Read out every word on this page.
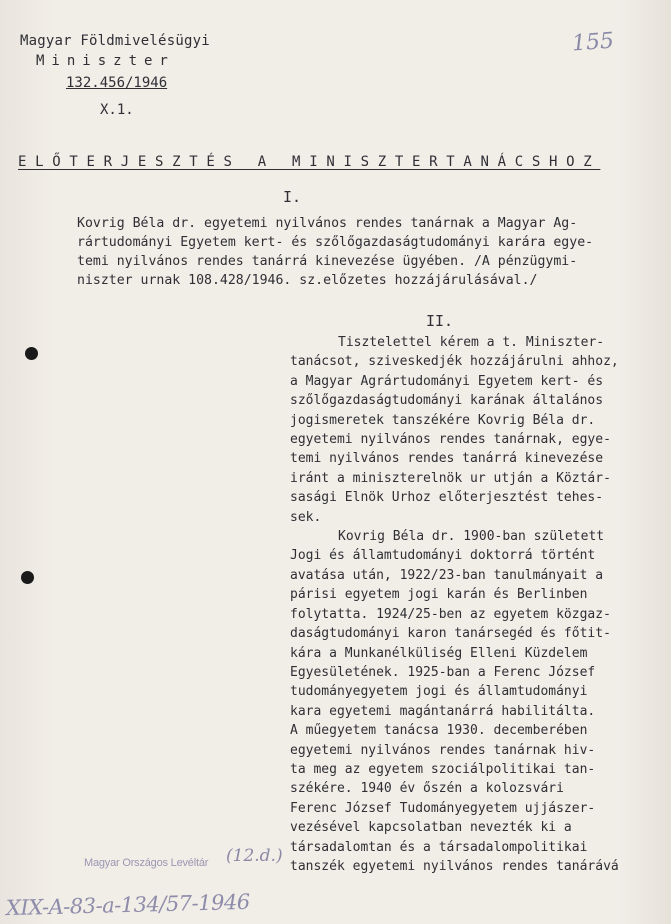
Magyar Földmivelésügyi
Miniszter
132.456/1946
X.1.
155
ELŐTERJESZTÉS A MINISZTERTANÁCSHOZ
I.
Kovrig Béla dr. egyetemi nyilvános rendes tanárnak a Magyar Ag-
rártudományi Egyetem kert- és szőlőgazdaságtudományi karára egye-
temi nyilvános rendes tanárrá kinevezése ügyében. /A pénzügymi-
niszter urnak 108.428/1946. sz.előzetes hozzájárulásával./
II.
Tisztelettel kérem a t. Miniszter-
tanácsot, sziveskedjék hozzájárulni ahhoz,
a Magyar Agrártudományi Egyetem kert- és
szőlőgazdaságtudományi karának általános
jogismeretek tanszékére Kovrig Béla dr.
egyetemi nyilvános rendes tanárnak, egye-
temi nyilvános rendes tanárrá kinevezése
iránt a miniszterelnök ur utján a Köztár-
sasági Elnök Urhoz előterjesztést tehes-
sek.
Kovrig Béla dr. 1900-ban született
Jogi és államtudományi doktorrá történt
avatása után, 1922/23-ban tanulmányait a
párisi egyetem jogi karán és Berlinben
folytatta. 1924/25-ben az egyetem közgaz-
daságtudományi karon tanársegéd és főtit-
kára a Munkanélküliség Elleni Küzdelem
Egyesületének. 1925-ban a Ferenc József
tudományegyetem jogi és államtudományi
kara egyetemi magántanárrá habilitálta.
A műegyetem tanácsa 1930. decemberében
egyetemi nyilvános rendes tanárnak hiv-
ta meg az egyetem szociálpolitikai tan-
székére. 1940 év őszén a kolozsvári
Ferenc József Tudományegyetem ujjászer-
vezésével kapcsolatban nevezték ki a
társadalomtan és a társadalompolitikai
tanszék egyetemi nyilvános rendes tanárává
Magyar Országos Levéltár (12.d.)
XIX-A-83-a-134/57-1946
